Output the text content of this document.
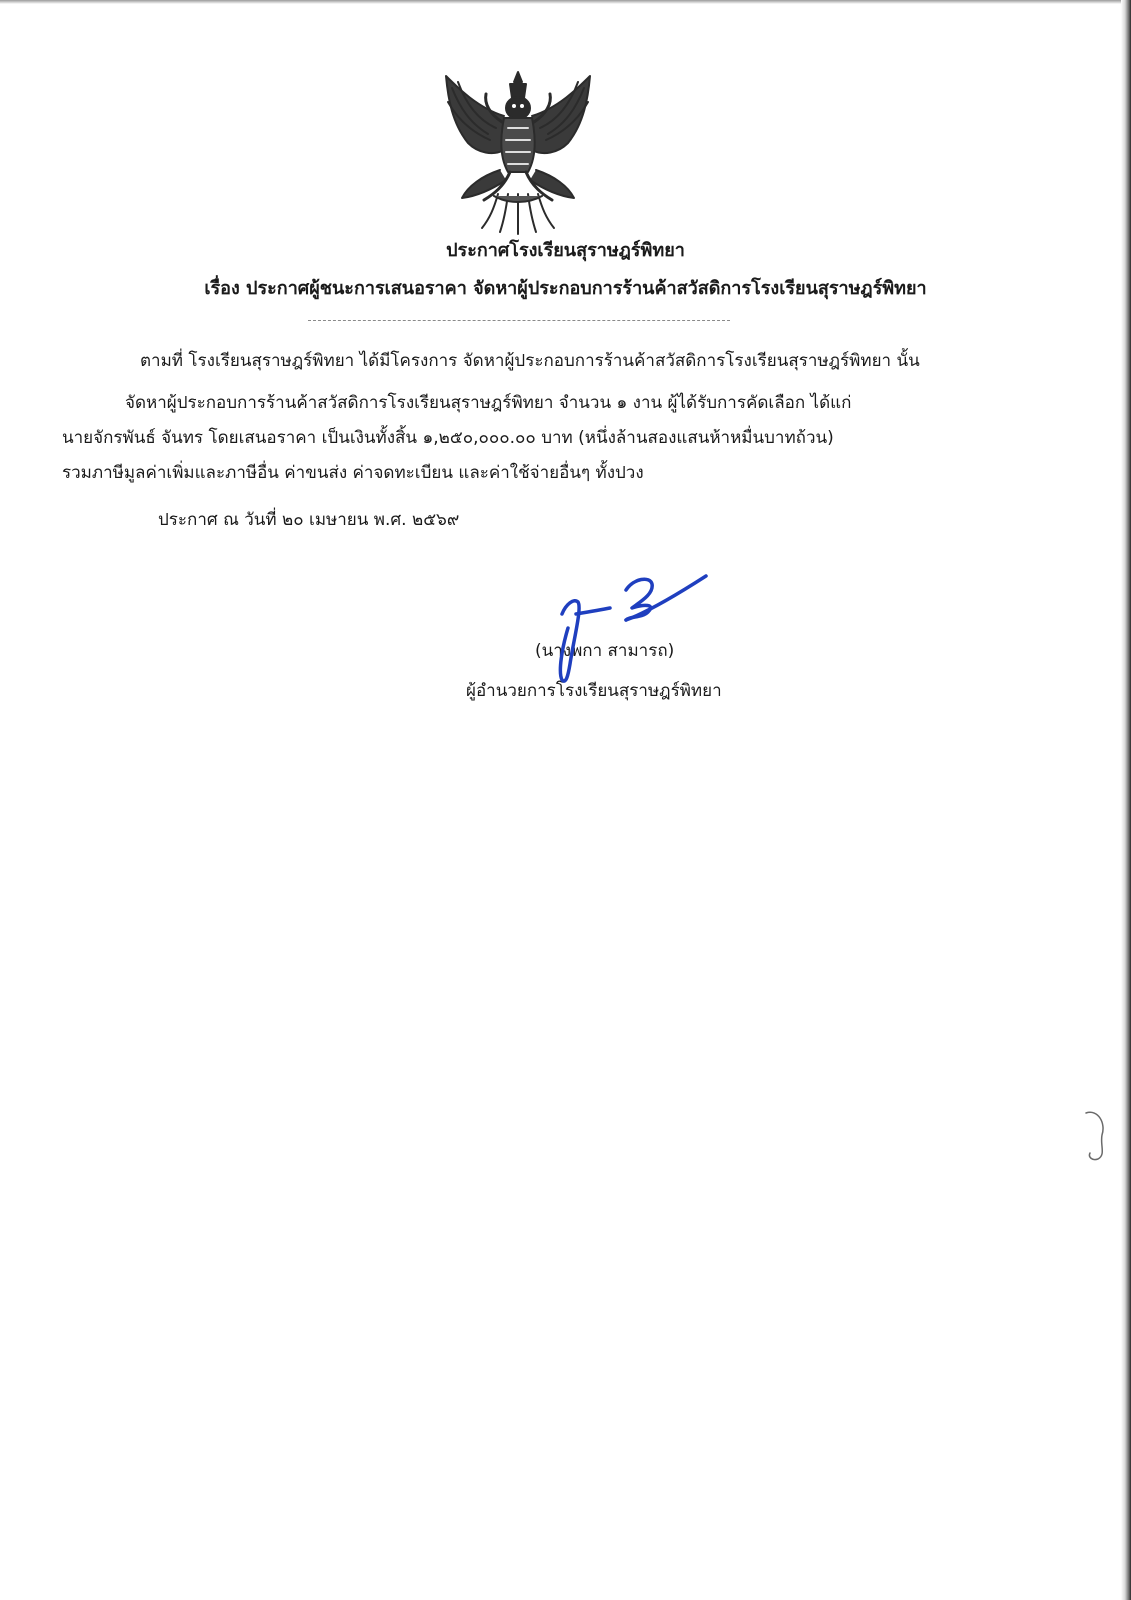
ประกาศโรงเรียนสุราษฎร์พิทยา
เรื่อง ประกาศผู้ชนะการเสนอราคา จัดหาผู้ประกอบการร้านค้าสวัสดิการโรงเรียนสุราษฎร์พิทยา
ตามที่ โรงเรียนสุราษฎร์พิทยา ได้มีโครงการ จัดหาผู้ประกอบการร้านค้าสวัสดิการโรงเรียนสุราษฎร์พิทยา นั้น
จัดหาผู้ประกอบการร้านค้าสวัสดิการโรงเรียนสุราษฎร์พิทยา จำนวน ๑ งาน ผู้ได้รับการคัดเลือก ได้แก่
นายจักรพันธ์ จันทร โดยเสนอราคา เป็นเงินทั้งสิ้น ๑,๒๕๐,๐๐๐.๐๐ บาท (หนึ่งล้านสองแสนห้าหมื่นบาทถ้วน)
รวมภาษีมูลค่าเพิ่มและภาษีอื่น ค่าขนส่ง ค่าจดทะเบียน และค่าใช้จ่ายอื่นๆ ทั้งปวง
ประกาศ ณ วันที่ ๒๐ เมษายน พ.ศ. ๒๕๖๙
(นางพกา สามารถ)
ผู้อำนวยการโรงเรียนสุราษฎร์พิทยา
